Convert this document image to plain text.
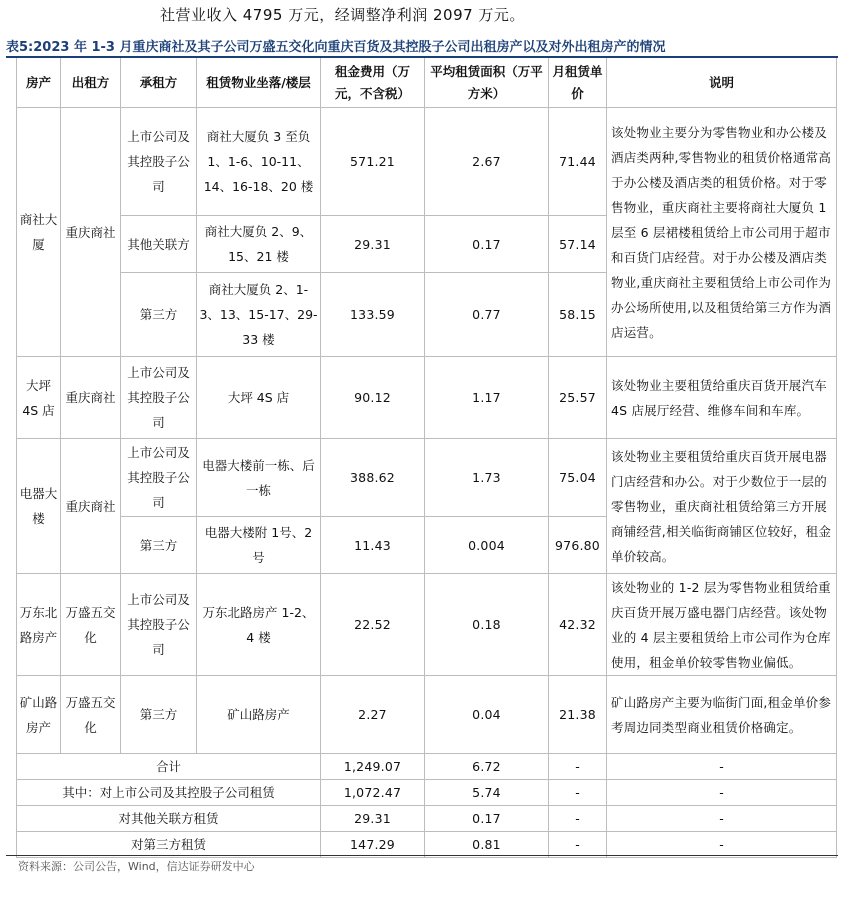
社营业收入 4795 万元，经调整净利润 2097 万元。
表5:2023 年 1-3 月重庆商社及其子公司万盛五交化向重庆百货及其控股子公司出租房产以及对外出租房产的情况
房产	出租方	承租方	租赁物业坐落/楼层	租金费用（万元，不含税）	平均租赁面积（万平方米）	月租赁单价	说明
商社大厦	重庆商社	上市公司及其控股子公司	商社大厦负 3 至负 1、1-6、10-11、14、16-18、20 楼	571.21	2.67	71.44	该处物业主要分为零售物业和办公楼及酒店类两种,零售物业的租赁价格通常高于办公楼及酒店类的租赁价格。对于零售物业，重庆商社主要将商社大厦负 1 层至 6 层裙楼租赁给上市公司用于超市和百货门店经营。对于办公楼及酒店类物业,重庆商社主要租赁给上市公司作为办公场所使用,以及租赁给第三方作为酒店运营。
		其他关联方	商社大厦负 2、9、15、21 楼	29.31	0.17	57.14	
		第三方	商社大厦负 2、1-3、13、15-17、29-33 楼	133.59	0.77	58.15	
大坪4S 店	重庆商社	上市公司及其控股子公司	大坪 4S 店	90.12	1.17	25.57	该处物业主要租赁给重庆百货开展汽车 4S 店展厅经营、维修车间和车库。
电器大楼	重庆商社	上市公司及其控股子公司	电器大楼前一栋、后一栋	388.62	1.73	75.04	该处物业主要租赁给重庆百货开展电器门店经营和办公。对于少数位于一层的零售物业，重庆商社租赁给第三方开展商铺经营,相关临街商铺区位较好，租金单价较高。
		第三方	电器大楼附 1号、2 号	11.43	0.004	976.80	
万东北路房产	万盛五交化	上市公司及其控股子公司	万东北路房产 1-2、4 楼	22.52	0.18	42.32	该处物业的 1-2 层为零售物业租赁给重庆百货开展万盛电器门店经营。该处物业的 4 层主要租赁给上市公司作为仓库使用，租金单价较零售物业偏低。
矿山路房产	万盛五交化	第三方	矿山路房产	2.27	0.04	21.38	矿山路房产主要为临街门面,租金单价参考周边同类型商业租赁价格确定。
合计				1,249.07	6.72	-	-
其中：对上市公司及其控股子公司租赁				1,072.47	5.74	-	-
对其他关联方租赁				29.31	0.17	-	-
对第三方租赁				147.29	0.81	-	-
资料来源：公司公告，Wind，信达证券研发中心
